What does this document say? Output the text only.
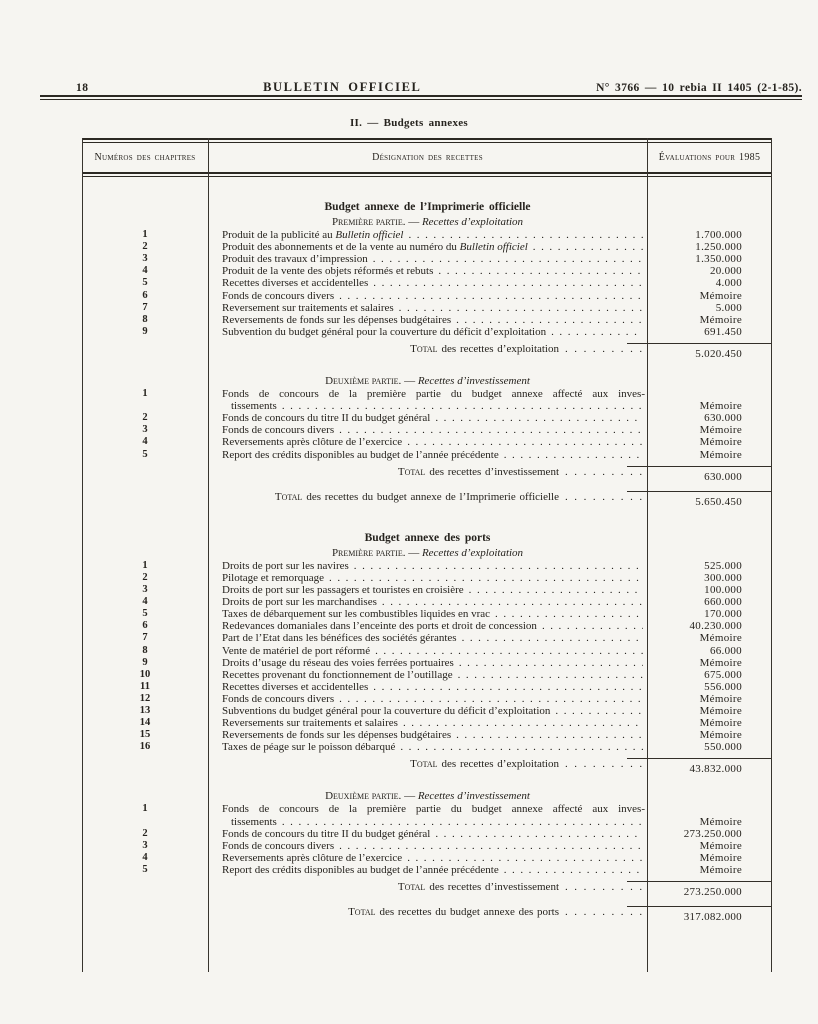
18	BULLETIN OFFICIEL	N° 3766 — 10 rebia II 1405 (2-1-85).
II. — Budgets annexes
Numéros des chapitres	Désignation des recettes	Évaluations pour 1985
Budget annexe de l’Imprimerie officielle
Première partie. — Recettes d’exploitation
1	Produit de la publicité au
Bulletin officiel . . .	1.700.000
2	Produit des abonnements et de la vente au numéro du
Bulletin officiel . . .	1.250.000
3	Produit des travaux d’impression . . .	1.350.000
4	Produit de la vente des objets réformés et rebuts . . .	20.000
5	Recettes diverses et accidentelles . . .	4.000
6	Fonds de concours divers . . .	Mémoire
7	Reversement sur traitements et salaires . . .	5.000
8	Reversements de fonds sur les dépenses budgétaires . . .	Mémoire
9	Subvention du budget général pour la couverture du déficit d’exploitation . . .	691.450
Total des recettes d’exploitation . . .	5.020.450
Deuxième partie. — Recettes d’investissement
1	Fonds de concours de la première partie du budget annexe affecté aux inves-
tissements . . .	Mémoire
2	Fonds de concours du titre II du budget général . . .	630.000
3	Fonds de concours divers . . .	Mémoire
4	Reversements après clôture de l’exercice . . .	Mémoire
5	Report des crédits disponibles au budget de l’année précédente . . .	Mémoire
Total des recettes d’investissement . . .	630.000
Total des recettes du budget annexe de l’Imprimerie officielle . . .	5.650.450
Budget annexe des ports
Première partie. — Recettes d’exploitation
1	Droits de port sur les navires . . .	525.000
2	Pilotage et remorquage . . .	300.000
3	Droits de port sur les passagers et touristes en croisière . . .	100.000
4	Droits de port sur les marchandises . . .	660.000
5	Taxes de débarquement sur les combustibles liquides en vrac . . .	170.000
6	Redevances domaniales dans l’enceinte des ports et droit de concession . . .	40.230.000
7	Part de l’Etat dans les bénéfices des sociétés gérantes . . .	Mémoire
8	Vente de matériel de port réformé . . .	66.000
9	Droits d’usage du réseau des voies ferrées portuaires . . .	Mémoire
10	Recettes provenant du fonctionnement de l’outillage . . .	675.000
11	Recettes diverses et accidentelles . . .	556.000
12	Fonds de concours divers . . .	Mémoire
13	Subventions du budget général pour la couverture du déficit d’exploitation . . .	Mémoire
14	Reversements sur traitements et salaires . . .	Mémoire
15	Reversements de fonds sur les dépenses budgétaires . . .	Mémoire
16	Taxes de péage sur le poisson débarqué . . .	550.000
Total des recettes d’exploitation . . .	43.832.000
Deuxième partie. — Recettes d’investissement
1	Fonds de concours de la première partie du budget annexe affecté aux inves-
tissements . . .	Mémoire
2	Fonds de concours du titre II du budget général . . .	273.250.000
3	Fonds de concours divers . . .	Mémoire
4	Reversements après clôture de l’exercice . . .	Mémoire
5	Report des crédits disponibles au budget de l’année précédente . . .	Mémoire
Total des recettes d’investissement . . .	273.250.000
Total des recettes du budget annexe des ports . . .	317.082.000
